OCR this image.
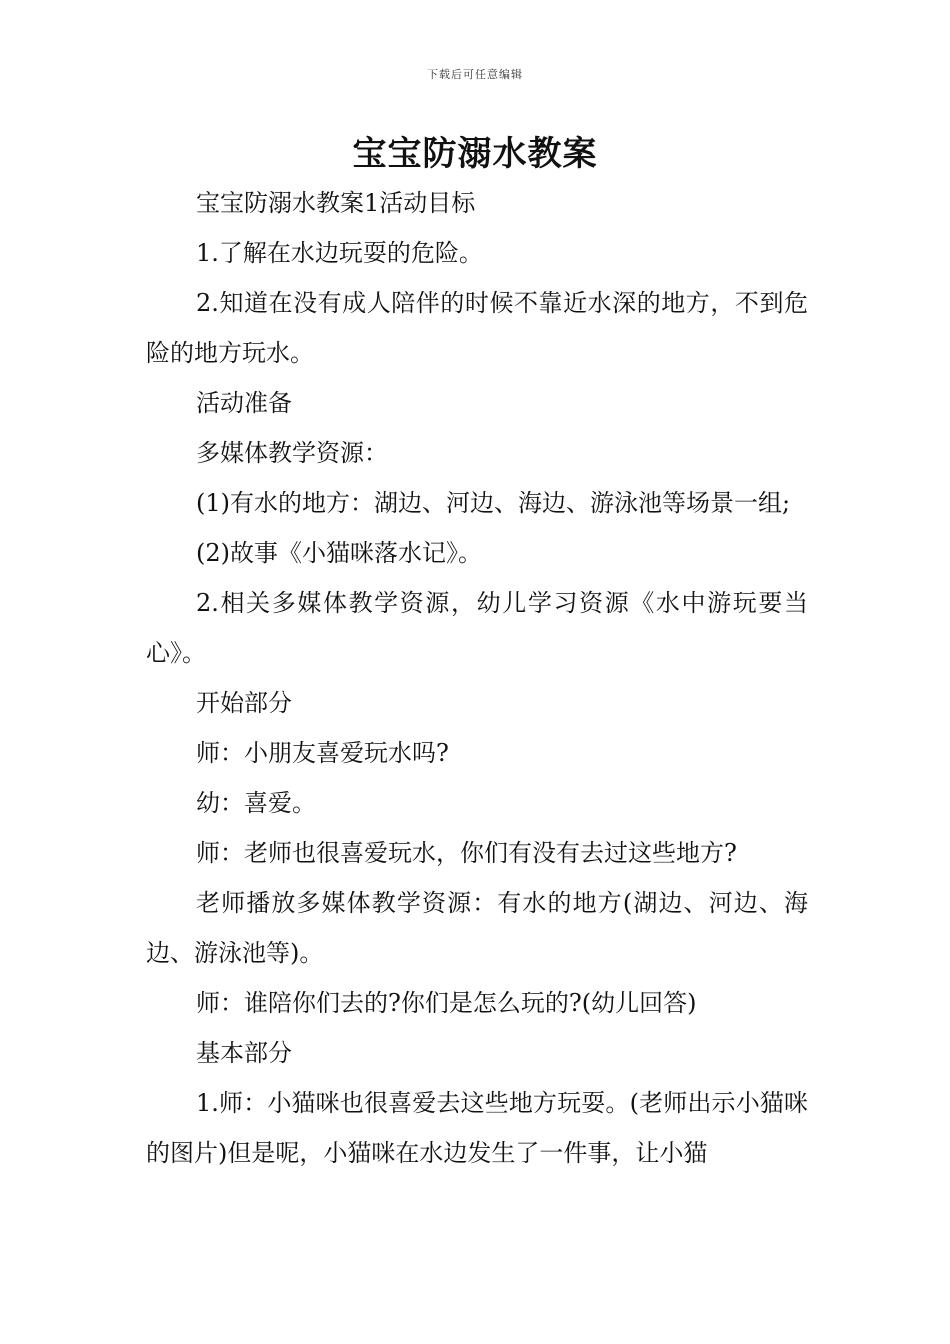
下载后可任意编辑
宝宝防溺水教案

宝宝防溺水教案1活动目标

1.了解在水边玩耍的危险。

2.知道在没有成人陪伴的时候不靠近水深的地方，不到危险的地方玩水。

活动准备

多媒体教学资源：

(1)有水的地方：湖边、河边、海边、游泳池等场景一组;

(2)故事《小猫咪落水记》。

2.相关多媒体教学资源，幼儿学习资源《水中游玩要当心》。

开始部分

师：小朋友喜爱玩水吗?

幼：喜爱。

师：老师也很喜爱玩水，你们有没有去过这些地方?

老师播放多媒体教学资源：有水的地方(湖边、河边、海边、游泳池等)。

师：谁陪你们去的?你们是怎么玩的?(幼儿回答)

基本部分

1.师：小猫咪也很喜爱去这些地方玩耍。(老师出示小猫咪的图片)但是呢，小猫咪在水边发生了一件事，让小猫
